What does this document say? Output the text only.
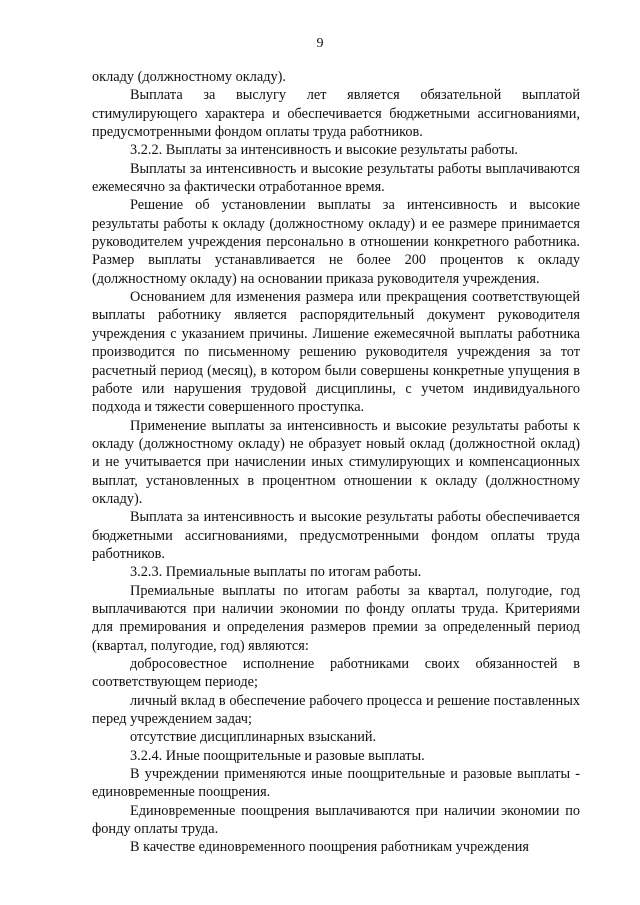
9

окладу (должностному окладу).

Выплата за выслугу лет является обязательной выплатой стимулирующего характера и обеспечивается бюджетными ассигнованиями, предусмотренными фондом оплаты труда работников.

3.2.2. Выплаты за интенсивность и высокие результаты работы.

Выплаты за интенсивность и высокие результаты работы выплачиваются ежемесячно за фактически отработанное время.

Решение об установлении выплаты за интенсивность и высокие результаты работы к окладу (должностному окладу) и ее размере принимается руководителем учреждения персонально в отношении конкретного работника. Размер выплаты устанавливается не более 200 процентов к окладу (должностному окладу) на основании приказа руководителя учреждения.

Основанием для изменения размера или прекращения соответствующей выплаты работнику является распорядительный документ руководителя учреждения с указанием причины. Лишение ежемесячной выплаты работника производится по письменному решению руководителя учреждения за тот расчетный период (месяц), в котором были совершены конкретные упущения в работе или нарушения трудовой дисциплины, с учетом индивидуального подхода и тяжести совершенного проступка.

Применение выплаты за интенсивность и высокие результаты работы к окладу (должностному окладу) не образует новый оклад (должностной оклад) и не учитывается при начислении иных стимулирующих и компенсационных выплат, установленных в процентном отношении к окладу (должностному окладу).

Выплата за интенсивность и высокие результаты работы обеспечивается бюджетными ассигнованиями, предусмотренными фондом оплаты труда работников.

3.2.3. Премиальные выплаты по итогам работы.

Премиальные выплаты по итогам работы за квартал, полугодие, год выплачиваются при наличии экономии по фонду оплаты труда. Критериями для премирования и определения размеров премии за определенный период (квартал, полугодие, год) являются:

добросовестное исполнение работниками своих обязанностей в соответствующем периоде;

личный вклад в обеспечение рабочего процесса и решение поставленных перед учреждением задач;

отсутствие дисциплинарных взысканий.

3.2.4. Иные поощрительные и разовые выплаты.

В учреждении применяются иные поощрительные и разовые выплаты - единовременные поощрения.

Единовременные поощрения выплачиваются при наличии экономии по фонду оплаты труда.

В качестве единовременного поощрения работникам учреждения
